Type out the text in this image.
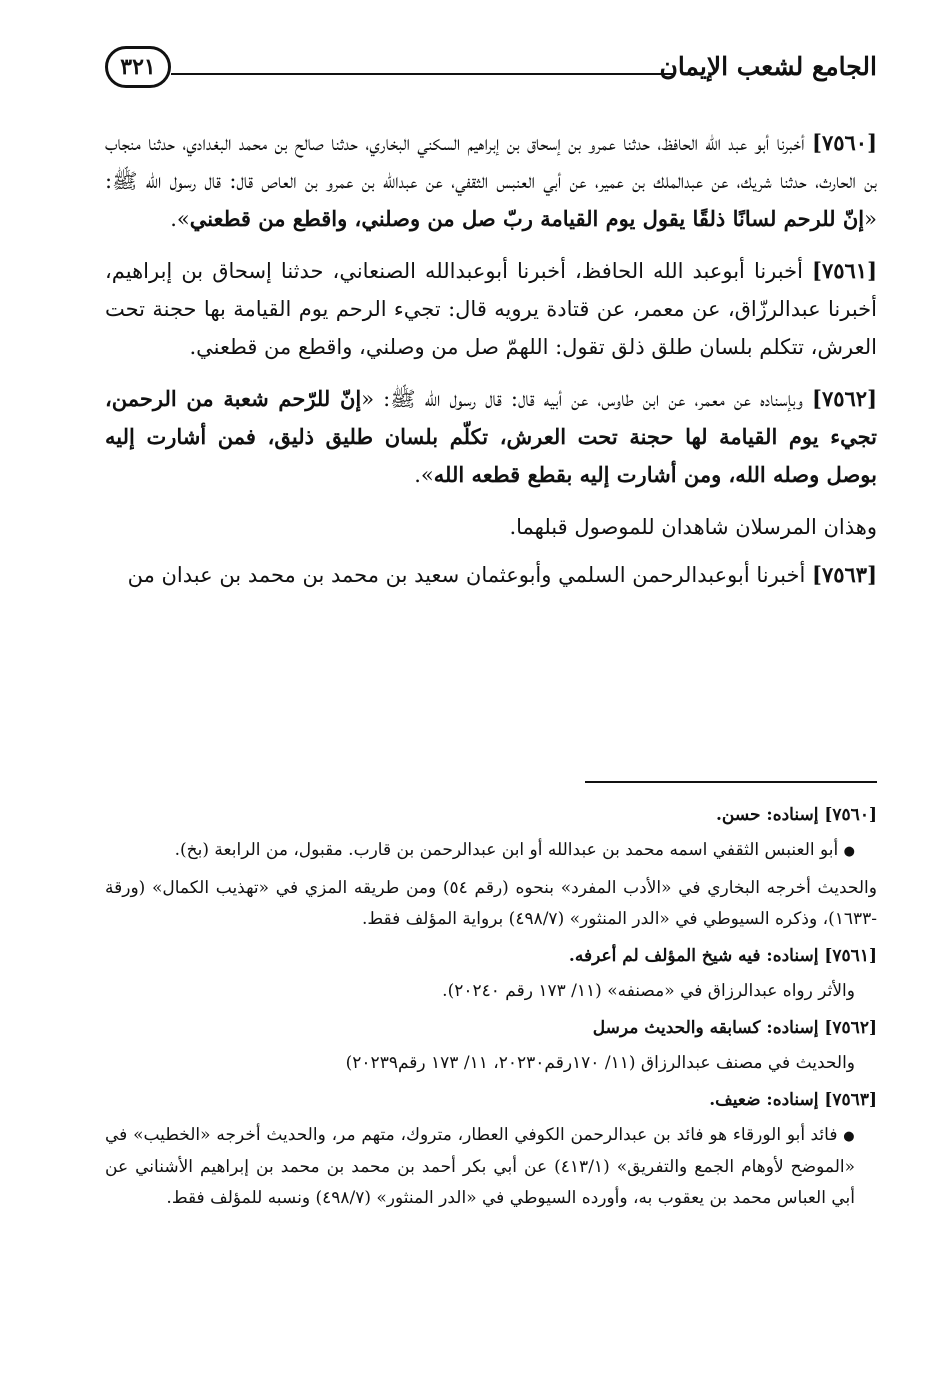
الجامع لشعب الإيمان
٣٢١

[٧٥٦٠] أخبرنا أبو عبد الله الحافظ، حدثنا عمرو بن إسحاق بن إبراهيم السكني البخاري، حدثنا صالح بن محمد البغدادي، حدثنا منجاب بن الحارث، حدثنا شريك، عن عبدالملك بن عمير، عن أبي العنبس الثقفي، عن عبدالله بن عمرو بن العاص قال: قال رسول الله ﷺ: «إنّ للرحم لسانًا ذلقًا يقول يوم القيامة ربّ صل من وصلني، واقطع من قطعني».

[٧٥٦١] أخبرنا أبوعبد الله الحافظ، أخبرنا أبوعبدالله الصنعاني، حدثنا إسحاق بن إبراهيم، أخبرنا عبدالرزّاق، عن معمر، عن قتادة يرويه قال: تجيء الرحم يوم القيامة بها حجنة تحت العرش، تتكلم بلسان طلق ذلق تقول: اللهمّ صل من وصلني، واقطع من قطعني.

[٧٥٦٢] وبإسناده عن معمر، عن ابن طاوس، عن أبيه قال: قال رسول الله ﷺ: «إنّ للرّحم شعبة من الرحمن، تجيء يوم القيامة لها حجنة تحت العرش، تكلّم بلسان طليق ذليق، فمن أشارت إليه بوصل وصله الله، ومن أشارت إليه بقطع قطعه الله».

وهذان المرسلان شاهدان للموصول قبلهما.

[٧٥٦٣] أخبرنا أبوعبدالرحمن السلمي وأبوعثمان سعيد بن محمد بن محمد بن عبدان من

[٧٥٦٠] إسناده: حسن.

● أبو العنبس الثقفي اسمه محمد بن عبدالله أو ابن عبدالرحمن بن قارب. مقبول، من الرابعة (بخ).

والحديث أخرجه البخاري في «الأدب المفرد» بنحوه (رقم ٥٤) ومن طريقه المزي في «تهذيب الكمال» (ورقة -١٦٣٣)، وذكره السيوطي في «الدر المنثور» (٤٩٨/٧) برواية المؤلف فقط.

[٧٥٦١] إسناده: فيه شيخ المؤلف لم أعرفه.

والأثر رواه عبدالرزاق في «مصنفه» (١١/ ١٧٣ رقم ٢٠٢٤٠).

[٧٥٦٢] إسناده: كسابقه والحديث مرسل

والحديث في مصنف عبدالرزاق (١١/ ١٧٠رقم٢٠٢٣٠، ١١/ ١٧٣ رقم٢٠٢٣٩)

[٧٥٦٣] إسناده: ضعيف.

● فائد أبو الورقاء هو فائد بن عبدالرحمن الكوفي العطار، متروك، متهم مر، والحديث أخرجه «الخطيب» في «الموضح لأوهام الجمع والتفريق» (٤١٣/١) عن أبي بكر أحمد بن محمد بن محمد بن إبراهيم الأشناني عن أبي العباس محمد بن يعقوب به، وأورده السيوطي في «الدر المنثور» (٤٩٨/٧) ونسبه للمؤلف فقط.
